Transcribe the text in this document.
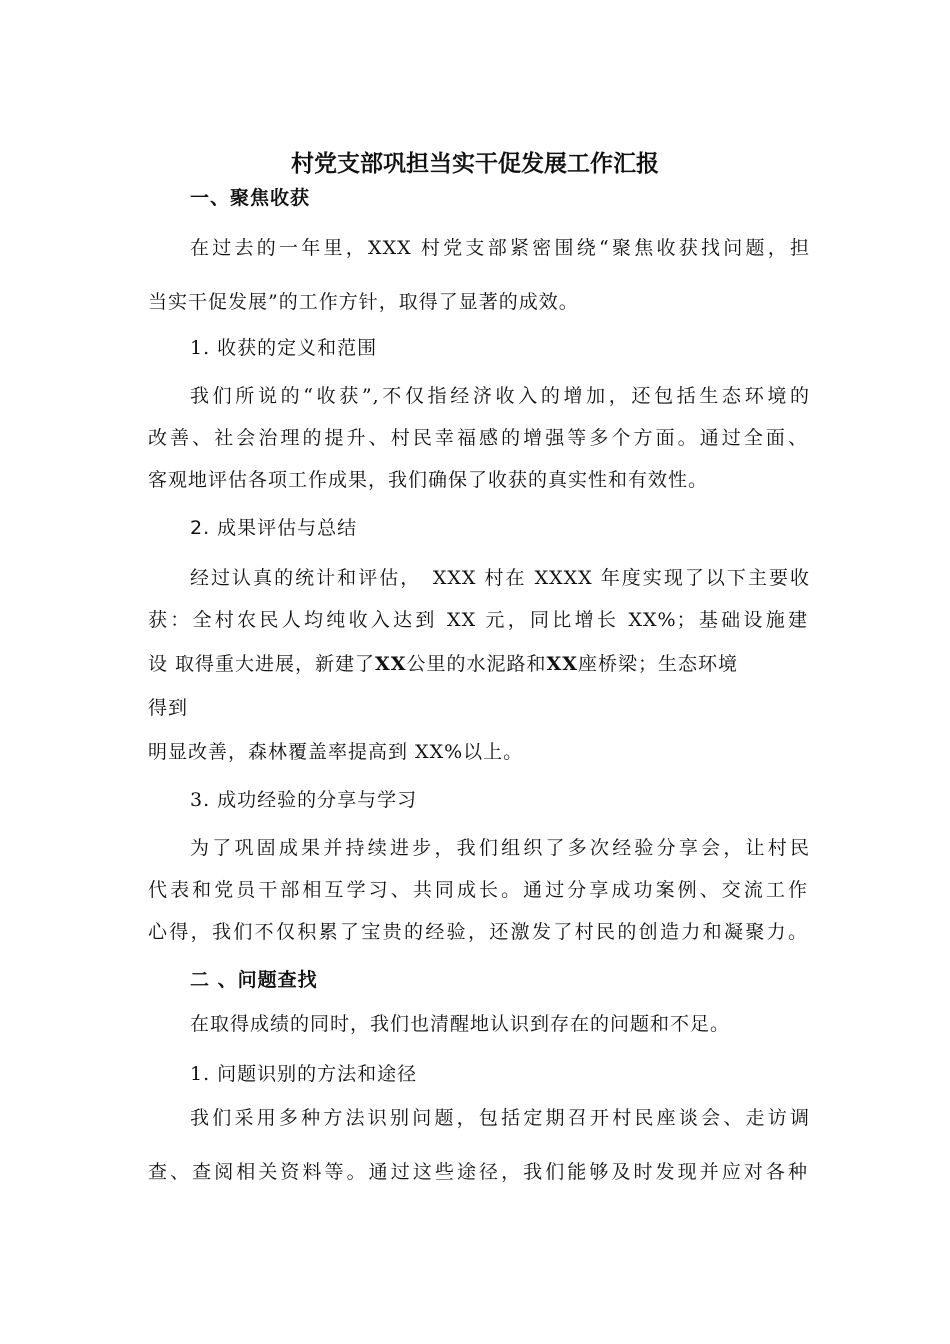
村党支部巩担当实干促发展工作汇报

一、聚焦收获

在过去的一年里，XXX 村党支部紧密围绕“聚焦收获找问题，担

当实干促发展”的工作方针，取得了显著的成效。

1. 收获的定义和范围

我们所说的“收获”,不仅指经济收入的增加，还包括生态环境的

改善、社会治理的提升、村民幸福感的增强等多个方面。通过全面、

客观地评估各项工作成果，我们确保了收获的真实性和有效性。

2. 成果评估与总结

经过认真的统计和评估，　XXX 村在 XXXX 年度实现了以下主要收

获：全村农民人均纯收入达到 XX 元，同比增长 XX%；基础设施建

设 取得重大进展，新建了XX公里的水泥路和XX座桥梁；生态环境

得到

明显改善，森林覆盖率提高到 XX%以上。

3. 成功经验的分享与学习

为了巩固成果并持续进步，我们组织了多次经验分享会，让村民

代表和党员干部相互学习、共同成长。通过分享成功案例、交流工作

心得，我们不仅积累了宝贵的经验，还激发了村民的创造力和凝聚力。

二 、问题查找

在取得成绩的同时，我们也清醒地认识到存在的问题和不足。

1. 问题识别的方法和途径

我们采用多种方法识别问题，包括定期召开村民座谈会、走访调

查、查阅相关资料等。通过这些途径，我们能够及时发现并应对各种
